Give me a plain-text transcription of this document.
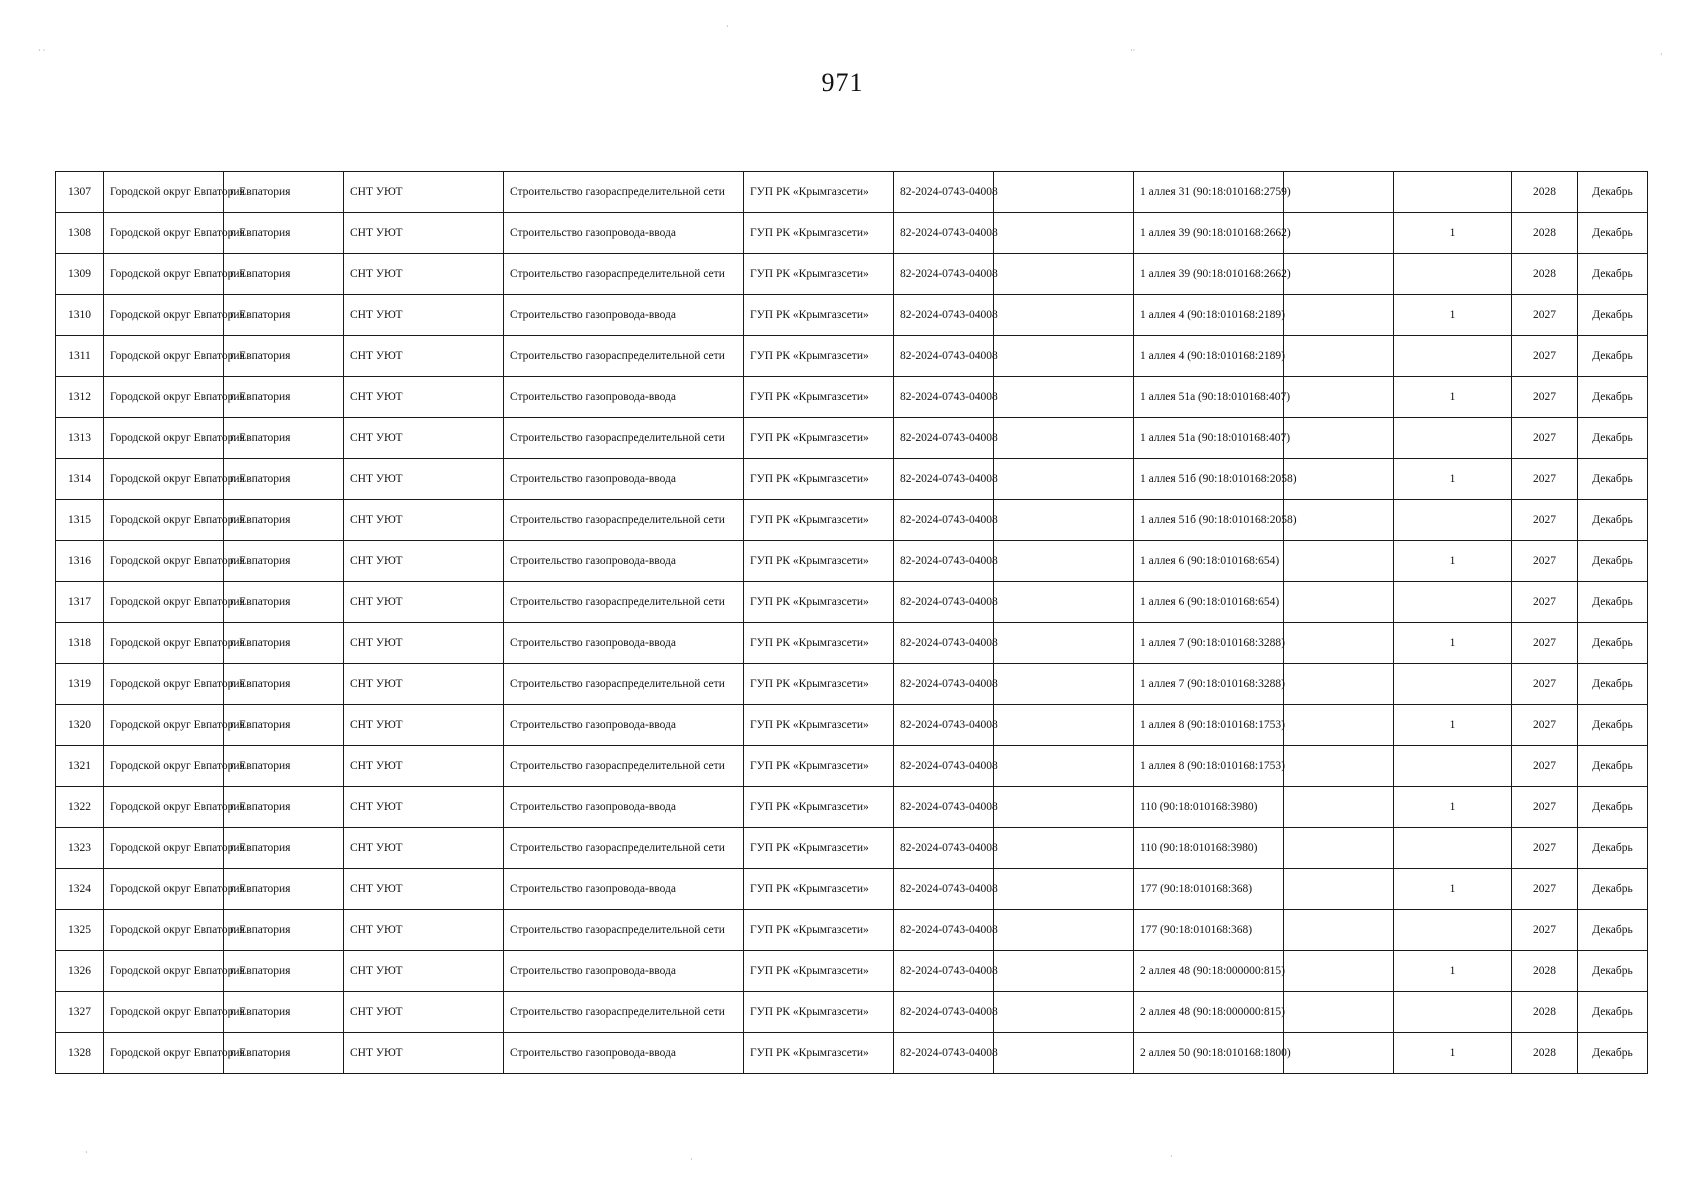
971
1307	Городской округ Евпатория	г. Евпатория	СНТ УЮТ	Строительство газораспределительной сети	ГУП РК «Крымгазсети»	82-2024-0743-04008		1 аллея 31 (90:18:010168:2759)			2028	Декабрь
1308	Городской округ Евпатория	г. Евпатория	СНТ УЮТ	Строительство газопровода-ввода	ГУП РК «Крымгазсети»	82-2024-0743-04008		1 аллея 39 (90:18:010168:2662)		1	2028	Декабрь
1309	Городской округ Евпатория	г. Евпатория	СНТ УЮТ	Строительство газораспределительной сети	ГУП РК «Крымгазсети»	82-2024-0743-04008		1 аллея 39 (90:18:010168:2662)			2028	Декабрь
1310	Городской округ Евпатория	г. Евпатория	СНТ УЮТ	Строительство газопровода-ввода	ГУП РК «Крымгазсети»	82-2024-0743-04008		1 аллея 4 (90:18:010168:2189)		1	2027	Декабрь
1311	Городской округ Евпатория	г. Евпатория	СНТ УЮТ	Строительство газораспределительной сети	ГУП РК «Крымгазсети»	82-2024-0743-04008		1 аллея 4 (90:18:010168:2189)			2027	Декабрь
1312	Городской округ Евпатория	г. Евпатория	СНТ УЮТ	Строительство газопровода-ввода	ГУП РК «Крымгазсети»	82-2024-0743-04008		1 аллея 51а (90:18:010168:407)		1	2027	Декабрь
1313	Городской округ Евпатория	г. Евпатория	СНТ УЮТ	Строительство газораспределительной сети	ГУП РК «Крымгазсети»	82-2024-0743-04008		1 аллея 51а (90:18:010168:407)			2027	Декабрь
1314	Городской округ Евпатория	г. Евпатория	СНТ УЮТ	Строительство газопровода-ввода	ГУП РК «Крымгазсети»	82-2024-0743-04008		1 аллея 51б (90:18:010168:2058)		1	2027	Декабрь
1315	Городской округ Евпатория	г. Евпатория	СНТ УЮТ	Строительство газораспределительной сети	ГУП РК «Крымгазсети»	82-2024-0743-04008		1 аллея 51б (90:18:010168:2058)			2027	Декабрь
1316	Городской округ Евпатория	г. Евпатория	СНТ УЮТ	Строительство газопровода-ввода	ГУП РК «Крымгазсети»	82-2024-0743-04008		1 аллея 6 (90:18:010168:654)		1	2027	Декабрь
1317	Городской округ Евпатория	г. Евпатория	СНТ УЮТ	Строительство газораспределительной сети	ГУП РК «Крымгазсети»	82-2024-0743-04008		1 аллея 6 (90:18:010168:654)			2027	Декабрь
1318	Городской округ Евпатория	г. Евпатория	СНТ УЮТ	Строительство газопровода-ввода	ГУП РК «Крымгазсети»	82-2024-0743-04008		1 аллея 7 (90:18:010168:3288)		1	2027	Декабрь
1319	Городской округ Евпатория	г. Евпатория	СНТ УЮТ	Строительство газораспределительной сети	ГУП РК «Крымгазсети»	82-2024-0743-04008		1 аллея 7 (90:18:010168:3288)			2027	Декабрь
1320	Городской округ Евпатория	г. Евпатория	СНТ УЮТ	Строительство газопровода-ввода	ГУП РК «Крымгазсети»	82-2024-0743-04008		1 аллея 8 (90:18:010168:1753)		1	2027	Декабрь
1321	Городской округ Евпатория	г. Евпатория	СНТ УЮТ	Строительство газораспределительной сети	ГУП РК «Крымгазсети»	82-2024-0743-04008		1 аллея 8 (90:18:010168:1753)			2027	Декабрь
1322	Городской округ Евпатория	г. Евпатория	СНТ УЮТ	Строительство газопровода-ввода	ГУП РК «Крымгазсети»	82-2024-0743-04008		110 (90:18:010168:3980)		1	2027	Декабрь
1323	Городской округ Евпатория	г. Евпатория	СНТ УЮТ	Строительство газораспределительной сети	ГУП РК «Крымгазсети»	82-2024-0743-04008		110 (90:18:010168:3980)			2027	Декабрь
1324	Городской округ Евпатория	г. Евпатория	СНТ УЮТ	Строительство газопровода-ввода	ГУП РК «Крымгазсети»	82-2024-0743-04008		177 (90:18:010168:368)		1	2027	Декабрь
1325	Городской округ Евпатория	г. Евпатория	СНТ УЮТ	Строительство газораспределительной сети	ГУП РК «Крымгазсети»	82-2024-0743-04008		177 (90:18:010168:368)			2027	Декабрь
1326	Городской округ Евпатория	г. Евпатория	СНТ УЮТ	Строительство газопровода-ввода	ГУП РК «Крымгазсети»	82-2024-0743-04008		2 аллея 48 (90:18:000000:815)		1	2028	Декабрь
1327	Городской округ Евпатория	г. Евпатория	СНТ УЮТ	Строительство газораспределительной сети	ГУП РК «Крымгазсети»	82-2024-0743-04008		2 аллея 48 (90:18:000000:815)			2028	Декабрь
1328	Городской округ Евпатория	г. Евпатория	СНТ УЮТ	Строительство газопровода-ввода	ГУП РК «Крымгазсети»	82-2024-0743-04008		2 аллея 50 (90:18:010168:1800)		1	2028	Декабрь
·
· ·	··	·
·
·	·
